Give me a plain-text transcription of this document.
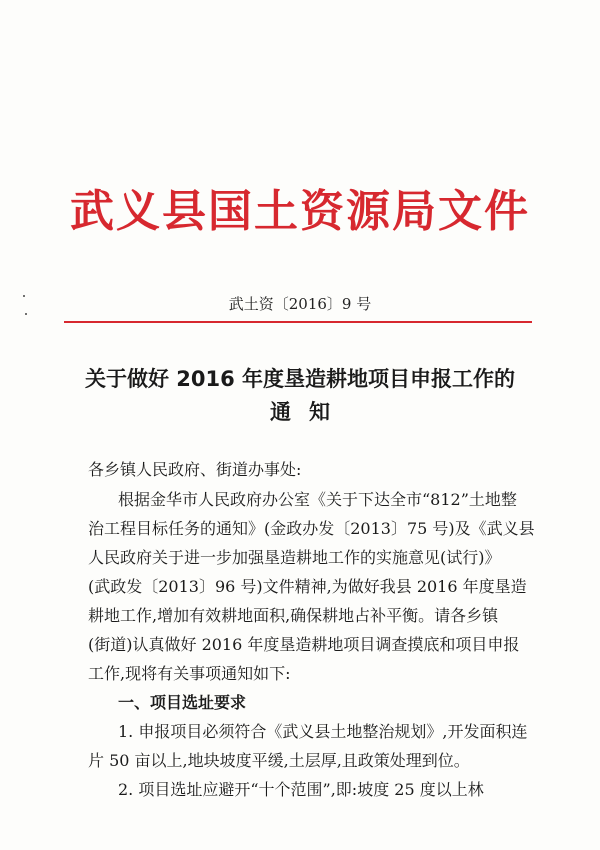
武义县国土资源局文件
武土资〔2016〕9 号
关于做好 2016 年度垦造耕地项目申报工作的
通知
各乡镇人民政府、街道办事处:
根据金华市人民政府办公室《关于下达全市“812”土地整
治工程目标任务的通知》(金政办发〔2013〕75 号)及《武义县
人民政府关于进一步加强垦造耕地工作的实施意见(试行)》
(武政发〔2013〕96 号)文件精神,为做好我县 2016 年度垦造
耕地工作,增加有效耕地面积,确保耕地占补平衡。请各乡镇
(街道)认真做好 2016 年度垦造耕地项目调查摸底和项目申报
工作,现将有关事项通知如下:
一、项目选址要求
1. 申报项目必须符合《武义县土地整治规划》,开发面积连
片 50 亩以上,地块坡度平缓,土层厚,且政策处理到位。
2. 项目选址应避开“十个范围”,即:坡度 25 度以上林
